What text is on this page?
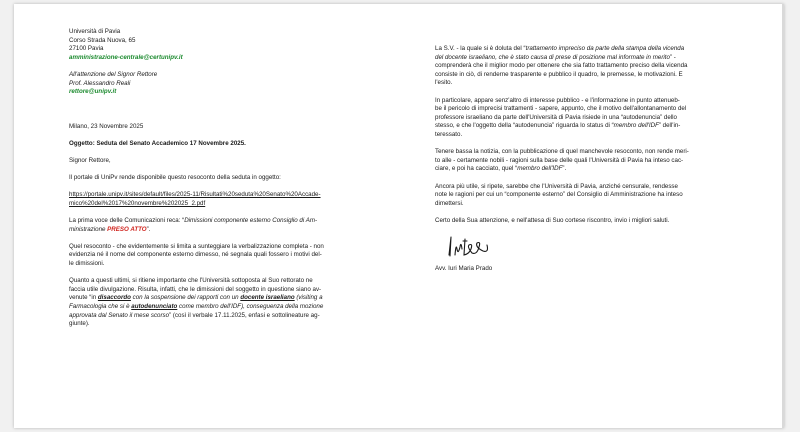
Università di Pavia

Corso Strada Nuova, 65

27100 Pavia

amministrazione-centrale@certunipv.it

All'attenzione del Signor Rettore

Prof. Alessandro Reali

rettore@unipv.it

Milano, 23 Novembre 2025

Oggetto: Seduta del Senato Accademico 17 Novembre 2025.

Signor Rettore,

Il portale di UniPv rende disponibile questo resoconto della seduta in oggetto:

https://portale.unipv.it/sites/default/files/2025-11/Risultati%20seduta%20Senato%20Accade-
mico%20del%2017%20novembre%202025_2.pdf

La prima voce delle Comunicazioni reca: “Dimissioni componente esterno Consiglio di Am-
ministrazione PRESO ATTO”.

Quel resoconto - che evidentemente si limita a sunteggiare la verbalizzazione completa - non
evidenzia né il nome del componente esterno dimesso, né segnala quali fossero i motivi del-
le dimissioni.

Quanto a questi ultimi, si ritiene importante che l'Università sottoposta al Suo rettorato ne
faccia utile divulgazione. Risulta, infatti, che le dimissioni del soggetto in questione siano av-
venute “in disaccordo con la sospensione dei rapporti con un docente israeliano (visiting a
Farmacologia che si è autodenunciato come membro dell'IDF), conseguenza della mozione
approvata dal Senato il mese scorso” (così il verbale 17.11.2025, enfasi e sottolineature ag-
giunte).

La S.V. - la quale si è doluta del “trattamento impreciso da parte della stampa della vicenda
del docente israeliano, che è stato causa di prese di posizione mal informate in merito” -
comprenderà che il miglior modo per ottenere che sia fatto trattamento preciso della vicenda
consiste in ciò, di renderne trasparente e pubblico il quadro, le premesse, le motivazioni. E
l'esito.

In particolare, appare senz'altro di interesse pubblico - e l'informazione in punto attenueb-
be il pericolo di imprecisi trattamenti - sapere, appunto, che il motivo dell'allontanamento del
professore israeliano da parte dell'Università di Pavia risiede in una “autodenuncia” dello
stesso, e che l'oggetto della “autodenuncia” riguarda lo status di “membro dell'IDF” dell'in-
teressato.

Tenere bassa la notizia, con la pubblicazione di quel manchevole resoconto, non rende meri-
to alle - certamente nobili - ragioni sulla base delle quali l'Università di Pavia ha inteso cac-
ciare, e poi ha cacciato, quel “membro dell'IDF”.

Ancora più utile, si ripete, sarebbe che l'Università di Pavia, anziché censurale, rendesse
note le ragioni per cui un “componente esterno” del Consiglio di Amministrazione ha inteso
dimettersi.

Certo della Sua attenzione, e nell'attesa di Suo cortese riscontro, invio i migliori saluti.

Avv. Iuri Maria Prado
